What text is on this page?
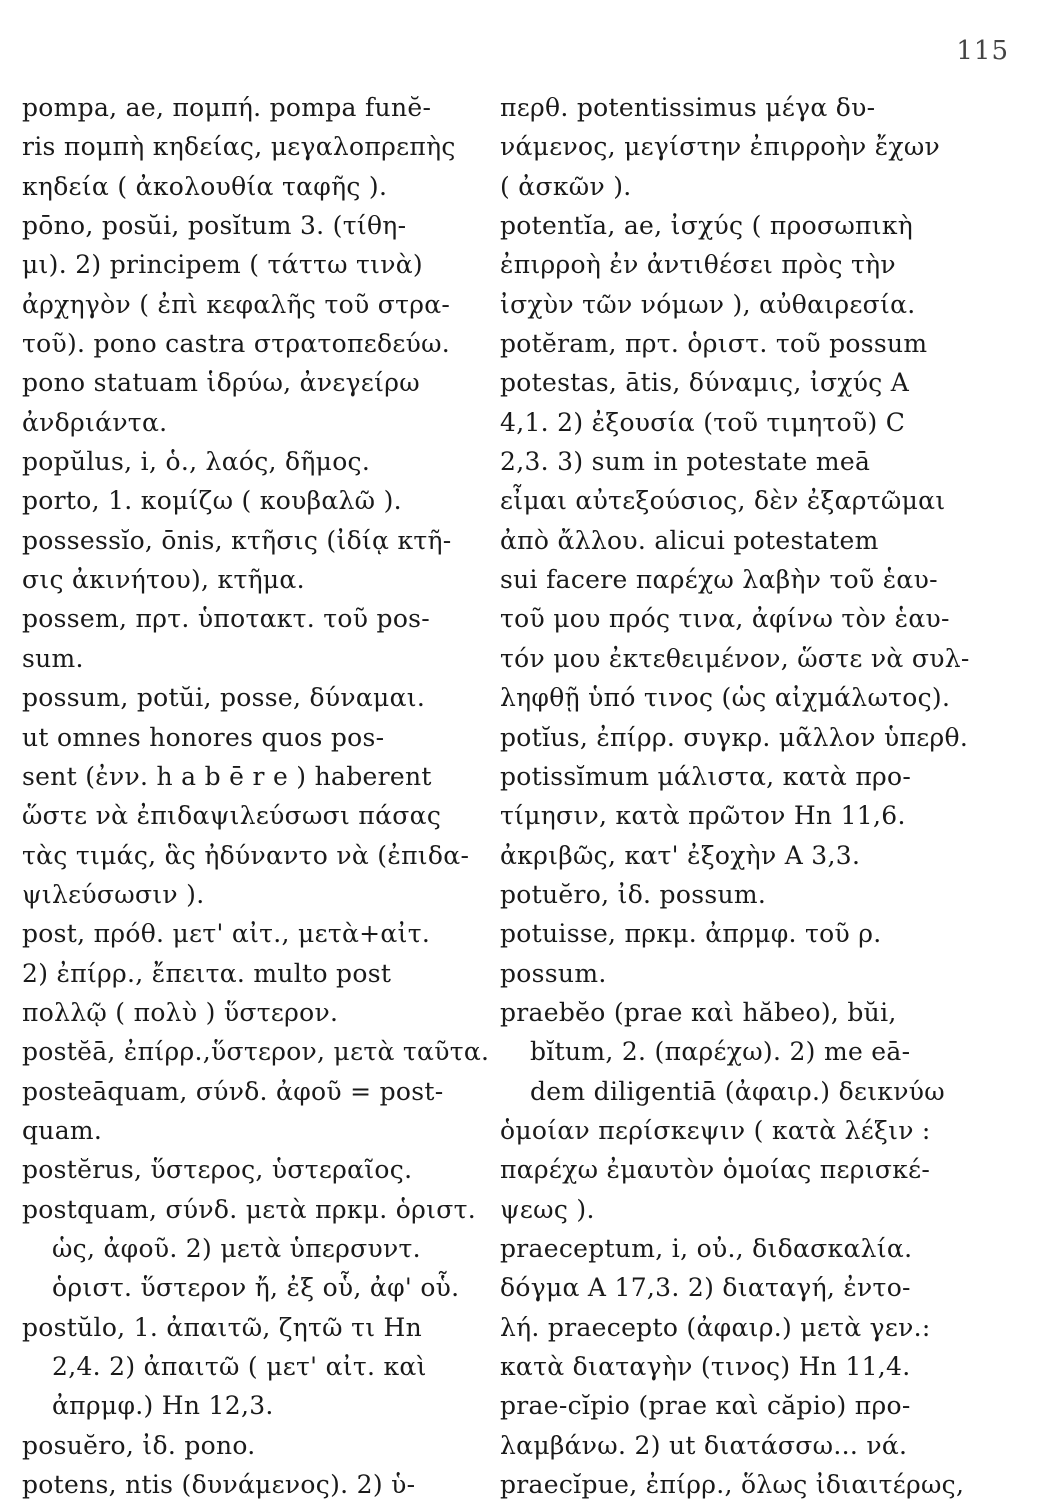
115
pompa, ae, πομπή. pompa funĕ-
ris πομπὴ κηδείας, μεγαλοπρεπὴς
κηδεία ( ἀκολουθία ταφῆς ).
pōno, posŭi, posĭtum 3. (τίθη-
μι). 2) principem ( τάττω τινὰ)
ἀρχηγὸν ( ἐπὶ κεφαλῆς τοῦ στρα-
τοῦ). pono castra στρατοπεδεύω.
pono statuam ἱδρύω, ἀνεγείρω
ἀνδριάντα.
popŭlus, i, ὁ., λαός, δῆμος.
porto, 1. κομίζω ( κουβαλῶ ).
possessĭo, ōnis, κτῆσις (ἰδίᾳ κτῆ-
σις ἀκινήτου), κτῆμα.
possem, πρτ. ὑποτακτ. τοῦ pos-
sum.
possum, potŭi, posse, δύναμαι.
ut omnes honores quos pos-
sent (ἐνν. h a b ē r e ) haberent
ὥστε νὰ ἐπιδαψιλεύσωσι πάσας
τὰς τιμάς, ἃς ἠδύναντο νὰ (ἐπιδα-
ψιλεύσωσιν ).
post, πρόθ. μετ' αἰτ., μετὰ+αἰτ.
2) ἐπίρρ., ἔπειτα. multo post
πολλῷ ( πολὺ ) ὕστερον.
postĕā, ἐπίρρ.,ὕστερον, μετὰ ταῦτα.
posteāquam, σύνδ. ἀφοῦ = post-
quam.
postĕrus, ὕστερος, ὑστεραῖος.
postquam, σύνδ. μετὰ πρκμ. ὁριστ.
ὡς, ἀφοῦ. 2) μετὰ ὑπερσυντ.
ὁριστ. ὕστερον ἤ, ἐξ οὗ, ἀφ' οὗ.
postŭlo, 1. ἀπαιτῶ, ζητῶ τι Hn
2,4. 2) ἀπαιτῶ ( μετ' αἰτ. καὶ
ἀπρμφ.) Hn 12,3.
posuĕro, ἰδ. pono.
potens, ntis (δυνάμενος). 2) ὑ-
περθ. potentissimus μέγα δυ-
νάμενος, μεγίστην ἐπιρροὴν ἔχων
( ἀσκῶν ).
potentĭa, ae, ἰσχύς ( προσωπικὴ
ἐπιρροὴ ἐν ἀντιθέσει πρὸς τὴν
ἰσχὺν τῶν νόμων ), αὐθαιρεσία.
potĕram, πρτ. ὁριστ. τοῦ possum
potestas, ātis, δύναμις, ἰσχύς A
4,1. 2) ἐξουσία (τοῦ τιμητοῦ) C
2,3. 3) sum in potestate meā
εἶμαι αὐτεξούσιος, δὲν ἐξαρτῶμαι
ἀπὸ ἄλλου. alicui potestatem
sui facere παρέχω λαβὴν τοῦ ἑαυ-
τοῦ μου πρός τινα, ἀφίνω τὸν ἑαυ-
τόν μου ἐκτεθειμένον, ὥστε νὰ συλ-
ληφθῇ ὑπό τινος (ὡς αἰχμάλωτος).
potĭus, ἐπίρρ. συγκρ. μᾶλλον ὑπερθ.
potissĭmum μάλιστα, κατὰ προ-
τίμησιν, κατὰ πρῶτον Hn 11,6.
ἀκριβῶς, κατ' ἐξοχὴν A 3,3.
potuĕro, ἰδ. possum.
potuisse, πρκμ. ἀπρμφ. τοῦ ρ.
possum.
praebĕo (prae καὶ hăbeo), bŭi,
bĭtum, 2. (παρέχω). 2) me eā-
dem diligentiā (ἀφαιρ.) δεικνύω
ὁμοίαν περίσκεψιν ( κατὰ λέξιν :
παρέχω ἐμαυτὸν ὁμοίας περισκέ-
ψεως ).
praeceptum, i, οὐ., διδασκαλία.
δόγμα A 17,3. 2) διαταγή, ἐντο-
λή. praecepto (ἀφαιρ.) μετὰ γεν.:
κατὰ διαταγὴν (τινος) Hn 11,4.
prae-cĭpio (prae καὶ căpio) προ-
λαμβάνω. 2) ut διατάσσω... νά.
praecĭpue, ἐπίρρ., ὅλως ἰδιαιτέρως,
